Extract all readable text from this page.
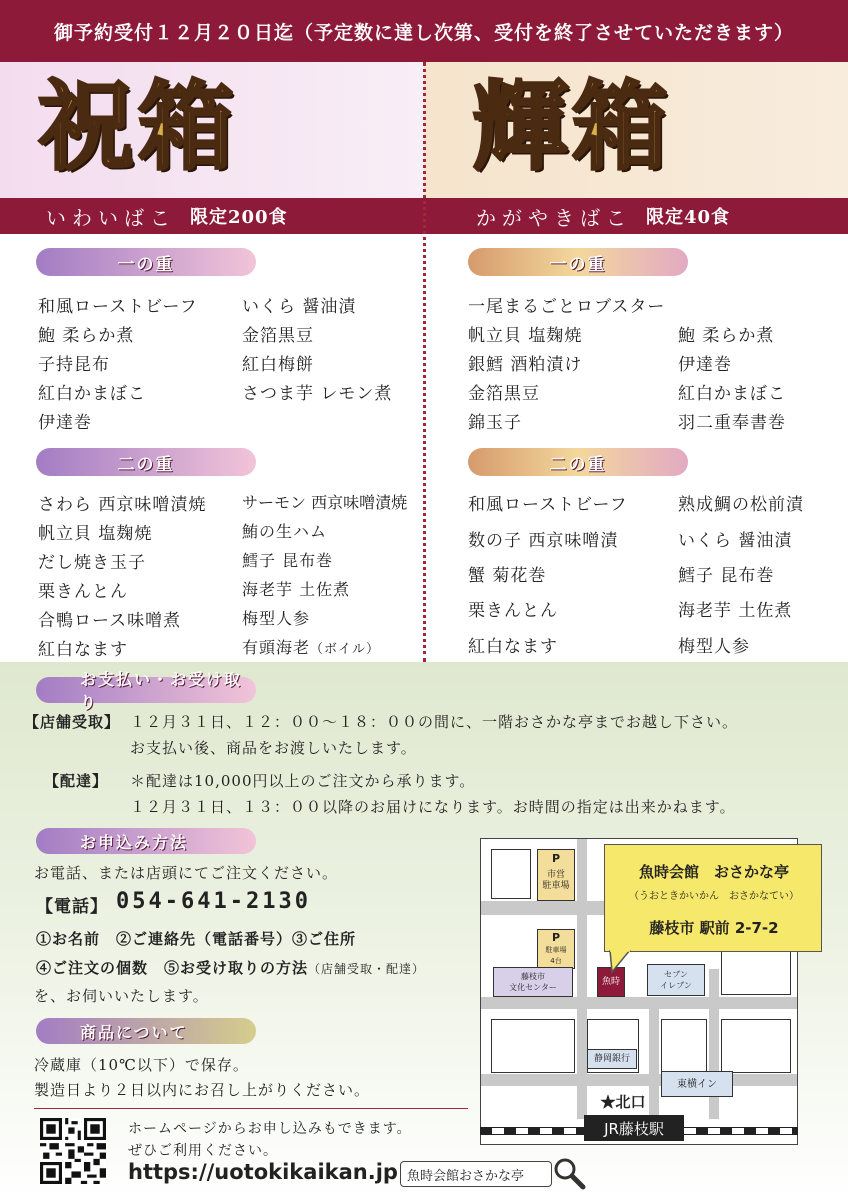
御予約受付１２月２０日迄（予定数に達し次第、受付を終了させていただきます）
祝箱 輝箱
いわいばこ 限定200食	かがやきばこ 限定40食
一の重
和風ローストビーフ
鮑 柔らか煮
子持昆布
紅白かまぼこ
伊達巻
いくら 醤油漬
金箔黒豆
紅白梅餅
さつま芋 レモン煮
二の重
さわら 西京味噌漬焼
帆立貝 塩麹焼
だし焼き玉子
栗きんとん
合鴨ロース味噌煮
紅白なます
サーモン 西京味噌漬焼
鮪の生ハム
鱈子 昆布巻
海老芋 土佐煮
梅型人参
有頭海老（ボイル）
一の重
一尾まるごとロブスター
帆立貝 塩麹焼
銀鱈 酒粕漬け
金箔黒豆
錦玉子
鮑 柔らか煮
伊達巻
紅白かまぼこ
羽二重奉書巻
二の重
和風ローストビーフ
数の子 西京味噌漬
蟹 菊花巻
栗きんとん
紅白なます
熟成鯛の松前漬
いくら 醤油漬
鱈子 昆布巻
海老芋 土佐煮
梅型人参
お支払い・お受け取り
【店舗受取】 １２月３１日、１２：００～１８：００の間に、一階おさかな亭までお越し下さい。
お支払い後、商品をお渡しいたします。
【配達】 ＊配達は10,000円以上のご注文から承ります。
１２月３１日、１３：００以降のお届けになります。お時間の指定は出来かねます。
お申込み方法
お電話、または店頭にてご注文ください。
【電話】 054-641-2130
①お名前　②ご連絡先（電話番号）③ご住所
④ご注文の個数　⑤お受け取りの方法（店舗受取・配達）
を、お伺いいたします。
商品について
冷蔵庫（10℃以下）で保存。
製造日より２日以内にお召し上がりください。
ホームページからお申し込みもできます。
ぜひご利用ください。
https://uotokikaikan.jp 魚時会館おさかな亭
P
市営
駐車場
P
駐車場
4台
藤枝市
文化センター
魚時
セブン
イレブン
静岡銀行
東横イン
★北口
魚時会館　おさかな亭
（うおときかいかん　おさかなてい）
藤枝市 駅前 2-7-2
JR藤枝駅
